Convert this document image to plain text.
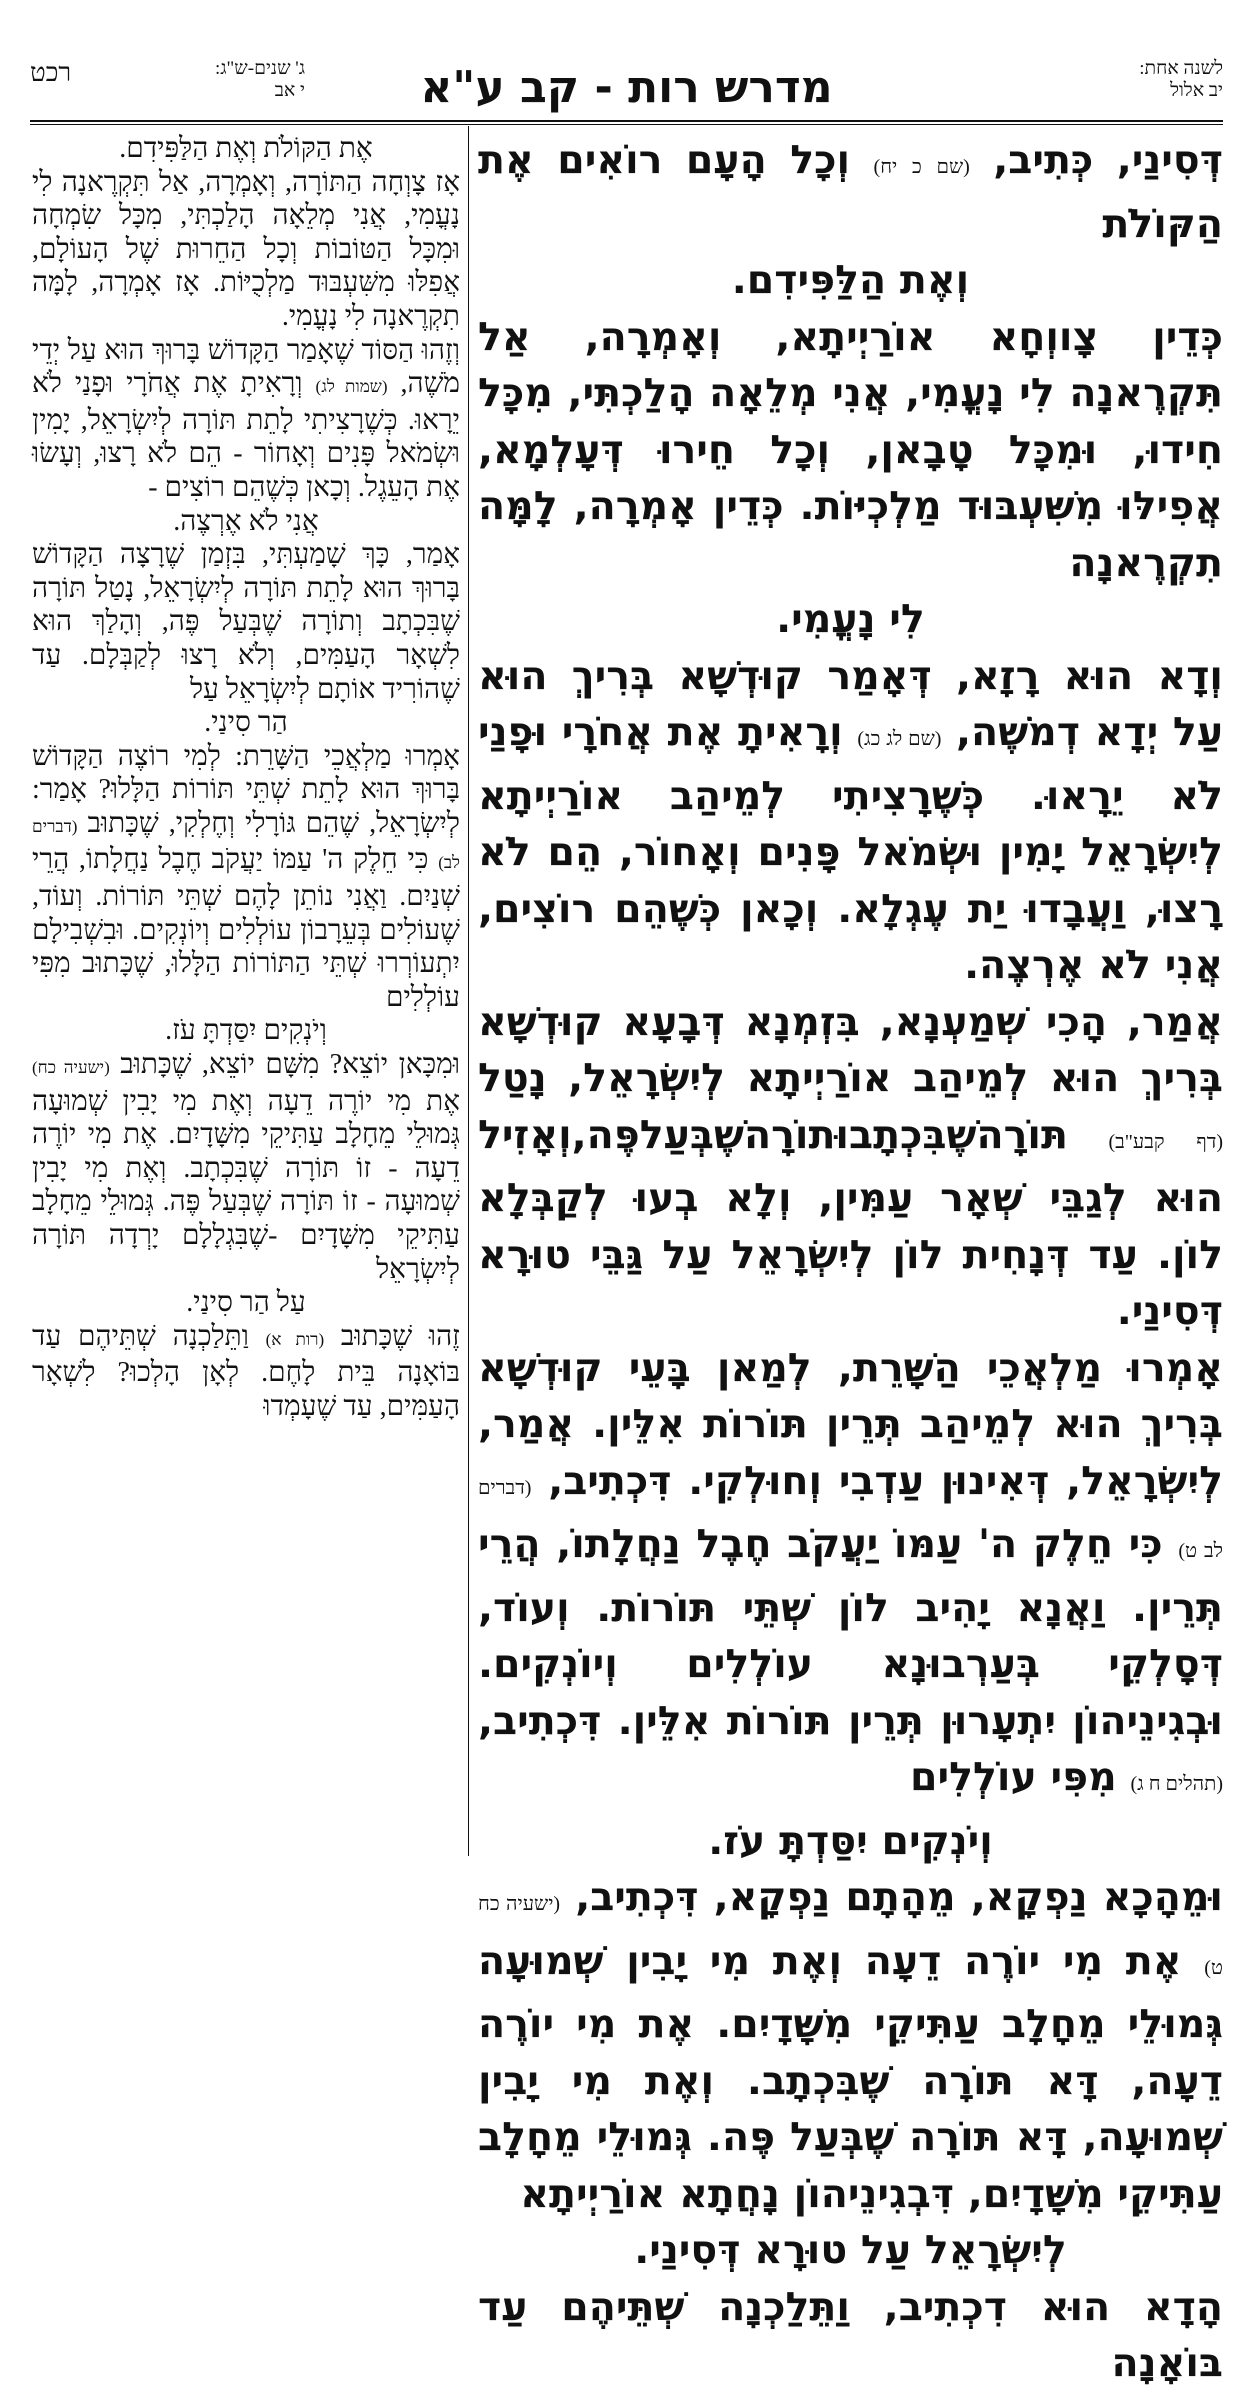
לשנה אחת:
יב אלול
מדרש רות - קב ע"א
ג' שנים-ש"ג:
י אב
רכט

דְּסִינַי, כְּתִיב, (שם כ יח) וְכָל הָעָם רוֹאִים אֶת הַקּוֹלֹת

וְאֶת הַלַּפִּידִם.

כְּדֵין צָווְחָא אוֹרַיְיתָא, וְאָמְרָה, אַל תִּקְרֶאנָה לִי נָעֳמִי, אֲנִי מְלֵאָה הָלַכְתִּי, מִכָּל חִידוּ, וּמִכָּל טָבָאן, וְכָל חֵירוּ דְּעָלְמָא, אֲפִילּוּ מִשִּׁעְבּוּד מַלְכְיּוֹת. כְּדֵין אָמְרָה, לָמָּה תִקְרֶאנָה

לִי נָעֳמִי.

וְדָא הוּא רָזָא, דְּאָמַר קוּדְשָׁא בְּרִיךְ הוּא עַל יְדָא דְמֹשֶׁה, (שם לג כג) וְרָאִיתָ אֶת אֲחֹרָי וּפָנַי לֹא יֵרָאוּ. כְּשֶׁרָצִיתִי לְמֵיהַב אוֹרַיְיתָא לְיִשְׂרָאֵל יָמִין וּשְׂמֹאל פָּנִים וְאָחוֹר, הֵם לֹא רָצוּ, וַעֲבָדוּ יַת עֶגְלָא. וְכָאן כְּשֶׁהֵם רוֹצִים, אֲנִי לֹא אֶרְצֶה.

אֲמַר, הָכִי שְׁמַעְנָא, בִּזְמְנָא דְּבָעָא קוּדְשָׁא בְּרִיךְ הוּא לְמֵיהַב אוֹרַיְיתָא לְיִשְׂרָאֵל, נָטַל (דף קבע"ב) תּוֹרָהשֶׁבִּכְתָבוּתוֹרָהשֶׁבְּעַלפֶּה,וְאָזִיל הוּא לְגַבֵּי שְׁאָר עַמִּין, וְלָא בְעוּ לְקַבְּלָא לוֹן. עַד דְּנָחִית לוֹן לְיִשְׂרָאֵל עַל גַּבֵּי טוּרָא דְּסִינַי.

אָמְרוּ מַלְאֲכֵי הַשָּׁרֵת, לְמַאן בָּעֵי קוּדְשָׁא בְּרִיךְ הוּא לְמֵיהַב תְּרֵין תּוֹרוֹת אִלֵּין. אֲמַר, לְיִשְׂרָאֵל, דְּאִינוּן עַדְבִי וְחוּלְקִי. דִּכְתִיב, (דברים לב ט) כִּי חֵלֶק ה' עַמּוֹ יַעֲקֹב חֶבֶל נַחֲלָתוֹ, הֲרֵי תְּרֵין. וַאֲנָא יָהִיב לוֹן שְׁתֵּי תּוֹרוֹת. וְעוֹד, דְּסָלְקֵי בְּעַרְבוּנָא עוֹלְלִים וְיוֹנְקִים. וּבְגִינֵיהוֹן יִתְעָרוּן תְּרֵין תּוֹרוֹת אִלֵּין. דִּכְתִיב, (תהלים ח ג) מִפִּי עוֹלְלִים

וְיֹנְקִים יִסַּדְתָּ עֹז.

וּמֵהָכָא נַפְקָא, מֵהָתָם נַפְקָא, דִּכְתִיב, (ישעיה כח ט) אֶת מִי יוֹרֶה דֵעָה וְאֶת מִי יָבִין שְׁמוּעָה גְּמוּלֵי מֵחָלָב עַתִּיקֵי מִשָּׁדָיִם. אֶת מִי יוֹרֶה דֵעָה, דָּא תּוֹרָה שֶׁבִּכְתָב. וְאֶת מִי יָבִין שְׁמוּעָה, דָּא תּוֹרָה שֶׁבְּעַל פֶּה. גְּמוּלֵי מֵחָלָב עַתִּיקֵי מִשָּׁדָיִם, דִּבְגִינֵיהוֹן נָחֲתָא אוֹרַיְיתָא

לְיִשְׂרָאֵל עַל טוּרָא דְּסִינַי.

הָדָא הוּא דִכְתִיב, וַתֵּלַכְנָה שְׁתֵּיהֶם עַד בּוֹאָנָה

אֶת הַקּוֹלֹת וְאֶת הַלַּפִּידִם.

אָז צָוְחָה הַתּוֹרָה, וְאָמְרָה, אַל תִּקְרֶאנָה לִי נָעֳמִי, אֲנִי מְלֵאָה הָלַכְתִּי, מִכָּל שִׂמְחָה וּמִכָּל הַטּוֹבוֹת וְכָל הַחֵרוּת שֶׁל הָעוֹלָם, אֲפִלּוּ מִשִּׁעְבּוּד מַלְכֻיּוֹת. אָז אָמְרָה, לָמָּה תִקְרֶאנָה לִי נָעֳמִי.

וְזֶהוּ הַסּוֹד שֶׁאָמַר הַקָּדוֹשׁ בָּרוּךְ הוּא עַל יְדֵי מֹשֶׁה, (שמות לג) וְרָאִיתָ אֶת אֲחֹרָי וּפָנַי לֹא יֵרָאוּ. כְּשֶׁרָצִיתִי לָתֵת תּוֹרָה לְיִשְׂרָאֵל, יָמִין וּשְׂמֹאל פָּנִים וְאָחוֹר - הֵם לֹא רָצוּ, וְעָשׂוּ אֶת הָעֵגֶל. וְכָאן כְּשֶׁהֵם רוֹצִים -

אֲנִי לֹא אֶרְצֶה.

אָמַר, כָּךְ שָׁמַעְתִּי, בִּזְמַן שֶׁרָצָה הַקָּדוֹשׁ בָּרוּךְ הוּא לָתֵת תּוֹרָה לְיִשְׂרָאֵל, נָטַל תּוֹרָה שֶׁבִּכְתָב וְתוֹרָה שֶׁבְּעַל פֶּה, וְהָלַךְ הוּא לִשְׁאָר הָעַמִּים, וְלֹא רָצוּ לְקַבְּלָם. עַד שֶׁהוֹרִיד אוֹתָם לְיִשְׂרָאֵל עַל

הַר סִינַי.

אָמְרוּ מַלְאֲכֵי הַשָּׁרֵת: לְמִי רוֹצֶה הַקָּדוֹשׁ בָּרוּךְ הוּא לָתֵת שְׁתֵּי תּוֹרוֹת הַלָּלוּ? אָמַר: לְיִשְׂרָאֵל, שֶׁהֵם גּוֹרָלִי וְחֶלְקִי, שֶׁכָּתוּב (דברים לב) כִּי חֵלֶק ה' עַמּוֹ יַעֲקֹב חֶבֶל נַחֲלָתוֹ, הֲרֵי שְׁנַיִם. וַאֲנִי נוֹתֵן לָהֶם שְׁתֵּי תּוֹרוֹת. וְעוֹד, שֶׁעוֹלִים בְּעֵרָבוֹן עוֹלְלִים וְיוֹנְקִים. וּבִשְׁבִילָם יִתְעוֹרְרוּ שְׁתֵּי הַתּוֹרוֹת הַלָּלוּ, שֶׁכָּתוּב מִפִּי עוֹלְלִים

וְיֹנְקִים יִסַּדְתָּ עֹז.

וּמִכָּאן יוֹצֵא? מִשָּׁם יוֹצֵא, שֶׁכָּתוּב (ישעיה כח) אֶת מִי יוֹרֶה דֵעָה וְאֶת מִי יָבִין שְׁמוּעָה גְּמוּלֵי מֵחָלָב עַתִּיקֵי מִשָּׁדָיִם. אֶת מִי יוֹרֶה דֵעָה - זוֹ תּוֹרָה שֶׁבִּכְתָב. וְאֶת מִי יָבִין שְׁמוּעָה - זוֹ תּוֹרָה שֶׁבְּעַל פֶּה. גְּמוּלֵי מֵחָלָב עַתִּיקֵי מִשָּׁדָיִם -שֶׁבִּגְלָלָם יָרְדָה תּוֹרָה לְיִשְׂרָאֵל

עַל הַר סִינַי.

זֶהוּ שֶׁכָּתוּב (רות א) וַתֵּלַכְנָה שְׁתֵּיהֶם עַד בּוֹאָנָה בֵּית לָחֶם. לְאָן הָלְכוּ? לִשְׁאָר הָעַמִּים, עַד שֶׁעָמְדוּ
